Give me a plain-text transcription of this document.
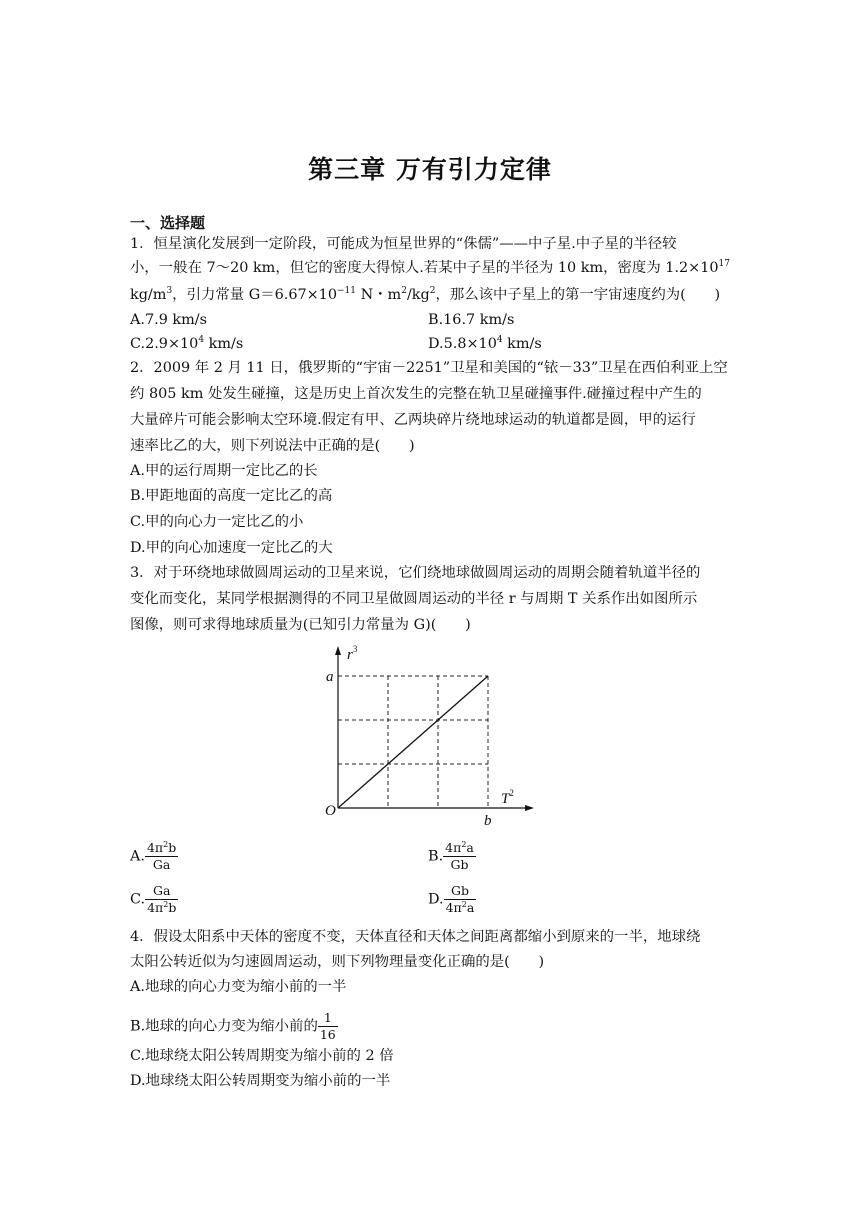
第三章 万有引力定律
一、选择题
1．恒星演化发展到一定阶段，可能成为恒星世界的“侏儒”——中子星.中子星的半径较
小，一般在 7～20 km，但它的密度大得惊人.若某中子星的半径为 10 km，密度为 $1.2\times 10^{17}$
$kg/m^3$，引力常量 $G=6.67\times 10^{-11}$ N・$m^2/kg^2$，那么该中子星上的第一宇宙速度约为(　　)
A.7.9 km/s	B.16.7 km/s
$C.2.9\times 10^4$ km/s	$D.5.8\times 10^4$ km/s
2．2009 年 2 月 11 日，俄罗斯的“宇宙－2251”卫星和美国的“铱－33”卫星在西伯利亚上空
约 805 km 处发生碰撞，这是历史上首次发生的完整在轨卫星碰撞事件.碰撞过程中产生的
大量碎片可能会影响太空环境.假定有甲、乙两块碎片绕地球运动的轨道都是圆，甲的运行
速率比乙的大，则下列说法中正确的是(　　)
A.甲的运行周期一定比乙的长
B.甲距地面的高度一定比乙的高
C.甲的向心力一定比乙的小
D.甲的向心加速度一定比乙的大
3．对于环绕地球做圆周运动的卫星来说，它们绕地球做圆周运动的周期会随着轨道半径的
变化而变化，某同学根据测得的不同卫星做圆周运动的半径 r 与周期 T 关系作出如图所示
图像，则可求得地球质量为(已知引力常量为 G)(　　)
$r^3$
$T^2$
O
a
b
A. $\frac{4\pi^2b}{Ga}$	B. $\frac{4\pi^2a}{Gb}$
C. $\frac{Ga}{4\pi^2b}$	D. $\frac{Gb}{4\pi^2a}$
4．假设太阳系中天体的密度不变，天体直径和天体之间距离都缩小到原来的一半，地球绕
太阳公转近似为匀速圆周运动，则下列物理量变化正确的是(　　)
A.地球的向心力变为缩小前的一半
B.地球的向心力变为缩小前的 $\frac{1}{16}$
C.地球绕太阳公转周期变为缩小前的 2 倍
D.地球绕太阳公转周期变为缩小前的一半
